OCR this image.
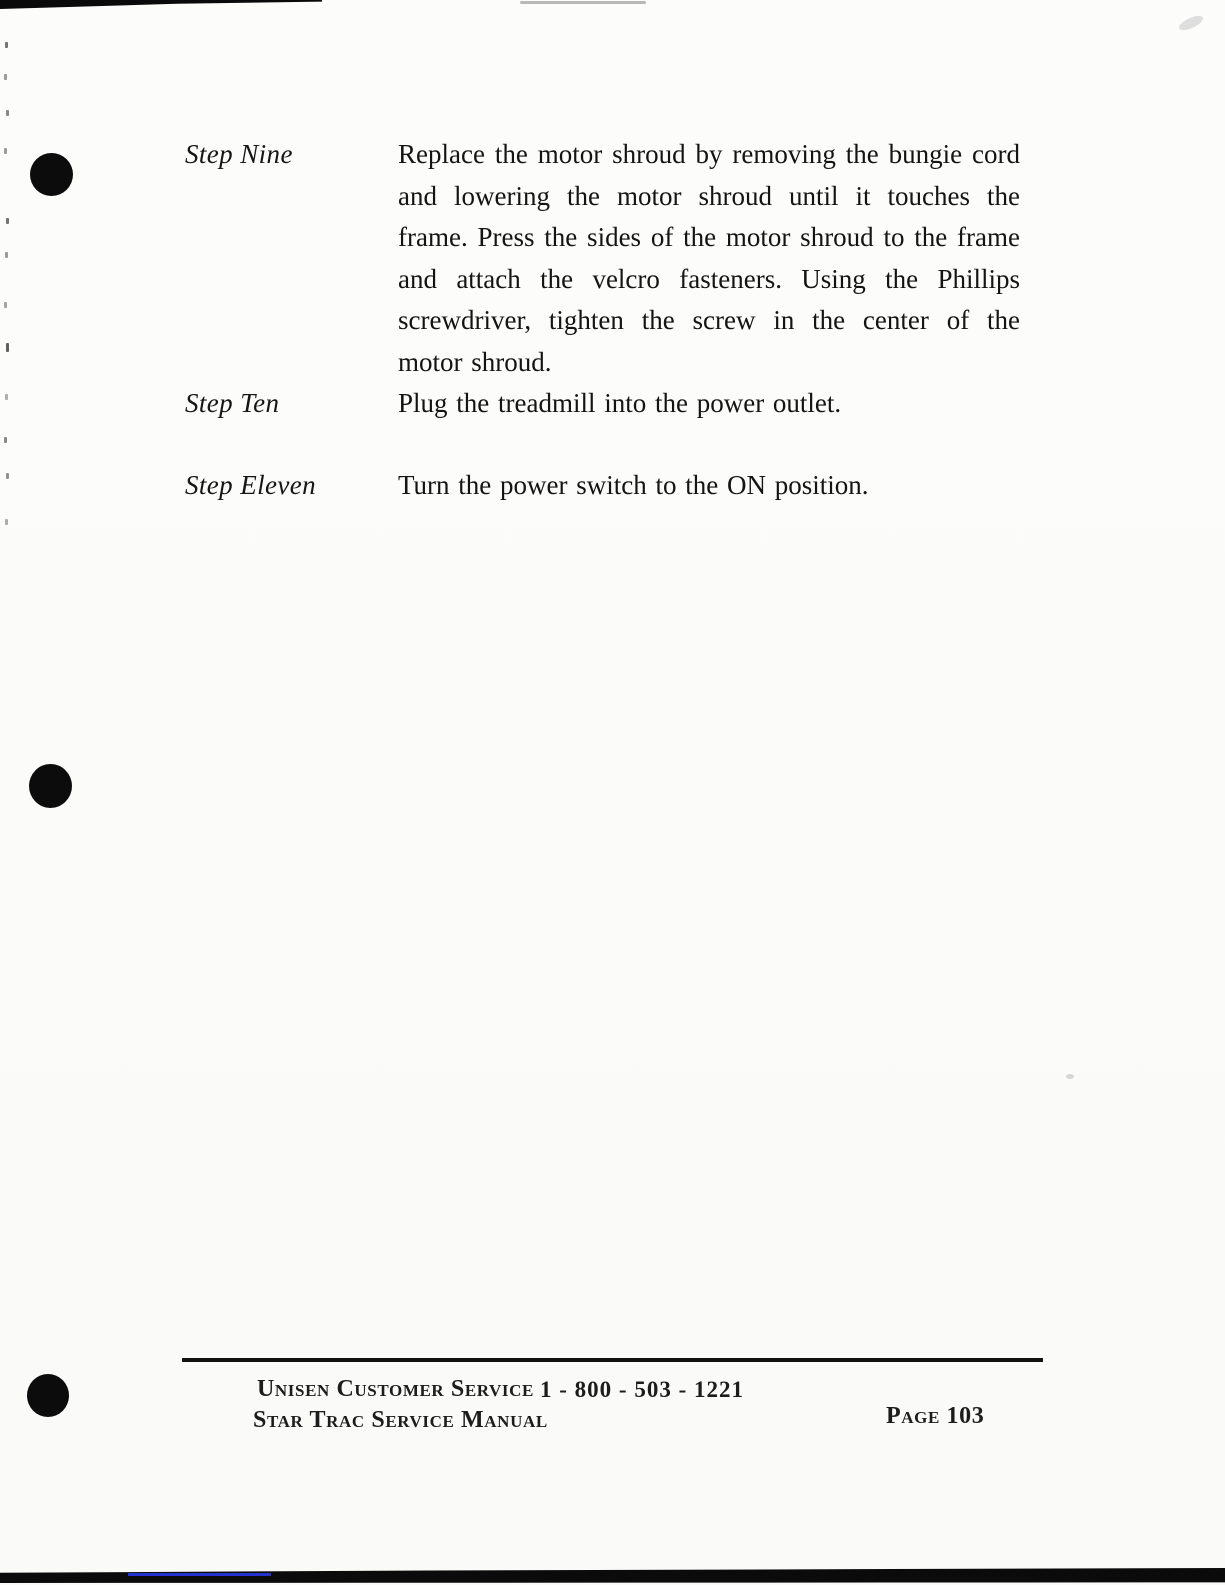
Step Nine	Replace the motor shroud by removing the bungie cord and lowering the motor shroud until it touches the frame. Press the sides of the motor shroud to the frame and attach the velcro fasteners. Using the Phillips screwdriver, tighten the screw in the center of the motor shroud.
Step Ten	Plug the treadmill into the power outlet.
Step Eleven	Turn the power switch to the ON position.
Unisen Customer Service 1 - 800 - 503 - 1221
Star Trac Service Manual	Page 103
